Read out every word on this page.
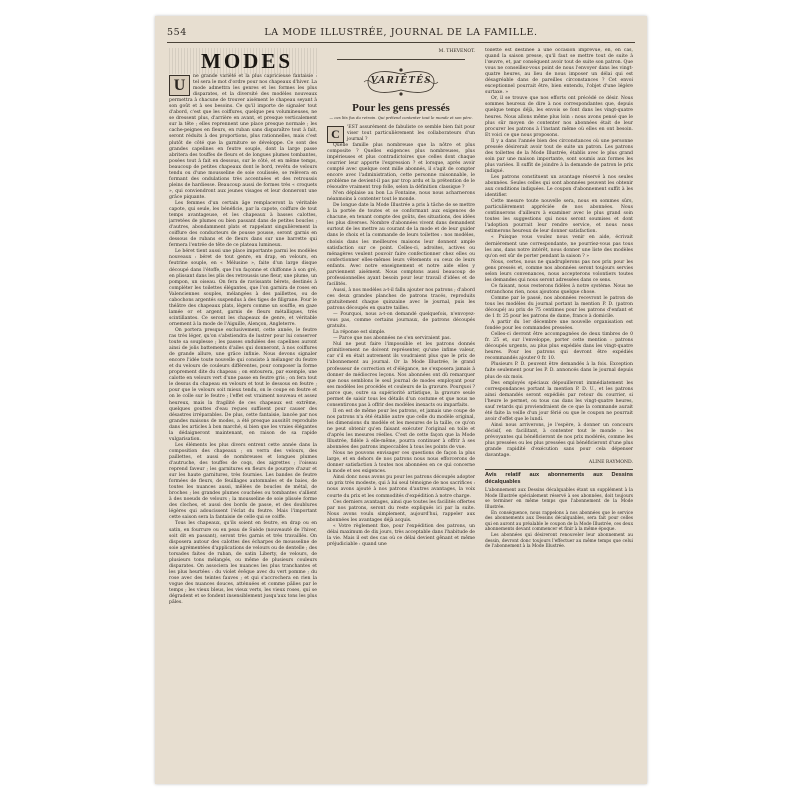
554	LA MODE ILLUSTRÉE, JOURNAL DE LA FAMILLE.
MODES
U

ne grande variété et la plus capricieuse fantaisie : tel sera le mot d'ordre pour nos chapeaux d'hiver. La mode admettra les genres et les formes les plus disparates, et la diversité des modèles nouveaux permettra à chacune de trouver aisément le chapeau seyant à son goût et à ses besoins. Ce qu'il importe de signaler tout d'abord, c'est que les coiffures, quelque peu volumineuses, ne se dressent plus, d'arrière en avant, et presque verticalement sur la tête ; elles reprennent une place presque normale ; les cache-peignes en fleurs, en ruban sans disparaître tout à fait, seront réduits à des proportions, plus rationnelles, mais c'est plutôt de côté que la garniture se développe. Ce sont des grandes capelines en feutre souple, dont la large passe abritera des touffes de fleurs et de longues plumes tombantes, posées tout à fait en dessous, sur le côté, et en même temps, beaucoup de petites chapeaux dont le bord, revêtu de velours tendu ou d'une mousseline de soie coulissée, se relèvera en formant des ondulations très accentuées et des retroussis pleins de hardiesse. Beaucoup aussi de formes très « croquets », qui conviendront aux jeunes visages et leur donneront une grâce piquante.

Les femmes d'un certain âge remplaceront la véritable capote, qui seule, les bénéficie, par la capote, coiffure de tout temps avantageuse, et les chapeaux à basses calottes, jarretées de plumes ou bien passant dans de petites boucles ; d'autres, abondamment plats et rappelant singulièrement la coiffure des conducteurs de pousse pousse, seront garnis en dessous de rubans et de fleurs dans sur une barrette qui fermera l'entrée de tête de ce plateau lumineux.

Le béret tient aussi une place importante parmi les modèles nouveaux : béret de tout genre, en drap, en velours, en feutrine souple, en « Mélusine », faite d'un large disque découpé dans l'étoffe, que l'on façonne et chiffonne à son gré, en plissant dans les plis des retroussis une fleur, une plume, un pompon, un oiseau. On fera de ravissants bérets, destinés à compléter les toilettes élégantes, que l'on garnira de roses en Valenciennes souples, mélangées à des paillettes, ou de cabochons argentés suspendus à des tiges de filigrane. Pour le théâtre des chapeaux plats, légers comme un souffle, en gaze lamée or et argent, garnis de fleurs métalliques, très scintillantes. Ce seront les chapeaux de genre, et véritable ornement à la mode de l'Aiguille, Alençon, Angleterre.

On portera presque exclusivement, cette année, le feutre ras très léger, qu'on s'abstiendra de lustrer pour lui conserver toute sa souplesse ; les passes ondulées des capelines auront ainsi de jolis battements d'ailes qui donneront, à nos coiffures de grande allure, une grâce infinie. Nous devons signaler encore l'idée toute nouvelle qui consiste à mélanger du feutre et du velours de couleurs différentes, pour composer la forme proprement dite du chapeau ; on entourera, par exemple, une calotte en velours vert d'une passe en feutre gris ; on fera tout le dessus du chapeau en velours et tout le dessous en feutre ; pour que le velours soit mieux tendu, on le coupe en feutre et on le colle sur le feutre ; l'effet est vraiment nouveau et assez heureux, mais la fragilité de ces chapeaux est extrême, quelques gouttes d'eau reçues suffisent pour causer des désastres irréparables. De plus, cette fantaisie, lancée par nos grandes maisons de modes, a été presque aussitôt reproduite dans les articles à bon marché, si bien que les vraies élégantes la dédaigneront maintenant, en raison de sa rapide vulgarisation.

Les éléments les plus divers entrent cette année dans la composition des chapeaux ; on verra des velours, des paillettes, et aussi de nombreuses et longues plumes d'autruche, des touffes de coqs, des aigrettes ; l'oiseau reprend faveur ; les garnitures en fleurs de pourpre d'azur et sur les haute garnitures, très fournies. Les bandes de feutre formées de fleurs, de feuillages automnales et de baies, de toutes les nuances aussi, mêlées de boucles de métal, de broches ; les grandes plumes couchées ou tombantes s'allient à des noeuds de velours ; la mousseline de soie plissée forme des cloches, et aussi des bords de passe, et des doublures légères qui adoucissent l'éclat du feutre. Mais l'important cette saison sera la fantaisie de celle qui se coiffe.

Tous les chapeaux, qu'ils soient en feutre, en drap ou en satin, en fourrure ou en peau de Suède (nouveauté de l'hiver, soit dit en passant), seront très garnis et très travaillés. On disposera autour des calottes des écharpes de mousseline de soie agrémentées d'applications de velours ou de dentelle ; des torsades faites de ruban, de satin Liberty, de velours, de plusieurs tons mélangés, ou même de plusieurs couleurs disparates. On associera les nuances les plus tranchantes et les plus heurtées : du violet évêque avec du vert pomme ; du rose avec des teintes fauves ; et qui s'accrochera en rien la vogue des nuances douces, atténuées et comme pâlies par le temps ; les vieux bleus, les vieux verts, les vieux roses, qui se dégradent et se fondent insensiblement jusqu'aux tons les plus pâles.

M. THEVENOT.
VARIÉTÉS
Pour les gens pressés
— ces lits fus du retrain. Qui prétend contenter tout le monde et son père.
C	'EST assurément de fabuliste ce semble bien fait pour viser tout particulièrement les collaborateurs d'un journal ?

Quelle famille plus nombreuse que la nôtre et plus composite ? Quelles exigences plus nombreuses, plus impérieuses et plus contradictoires que celles dont chaque courrier leur apporte l'expression ? et lorsque, après avoir compté avec quelque cent mille abonnés, il s'agit de compter encore avec l'administration, cette personne raisonnable, le problème ne devient-il pas par trop ardu et la prétention de le résoudre vraiment trop folle, selon la définition classique ?

N'en déplaise au bon La Fontaine, nous nous acharnerons néanmoins à contenter tout le monde.

De longue date la Mode Illustrée a pris à tâche de se mettre à la portée de toutes et se conformant aux exigences de chacune, en tenant compte des goûts, des situations, des idées les plus diverses. Nombre d'abonnées vivent dans demandent surtout de les mettre au courant de la mode et de leur guider dans le choix et la commande de leurs toilettes : nos modèles, choisis dans les meilleures maisons leur donnent ample satisfaction sur ce point. Celles-ci, adroites, actives ou ménagères veulent pouvoir faire confectionner chez elles ou confectionner elles-mêmes leurs vêtements ou ceux de leurs enfants. Avec notre enseignement et notre aide elles y parviennent aisément. Nous comptons aussi beaucoup de professionnelles ayant besoin pour leur travail d'idées et de facilités.

Aussi, à nos modèles a-t-il fallu ajouter nos patrons ; d'abord ces deux grandes planches de patrons tracés, reproduits gratuitement chaque quinzaine avec le journal, puis les patrons découpés en quatre tailles.

— Pourquoi, nous a-t-on demandé quelquefois, n'envoyez-vous pas, comme certains journaux, de patrons découpés gratuits.

La réponse est simple.

— Parce que nos abonnées ne s'en serviraient pas.

Nul ne peut faire l'impossible et les patrons donnés primitivement ne doivent représenter, qu'une infime valeur, car s'il en était autrement ils voudraient plus que le prix de l'abonnement au journal. Or la Mode Illustrée, le grand professeur de correction et d'élégance, ne s'exposera jamais à donner de médiocres leçons. Nos abonnées ont dû remarquer que nous semblons le seul journal de modes employant pour ses modèles les procédés et couleurs de la gravure. Pourquoi ? parce que, outre sa supériorité artistique, la gravure seule permet de saisir tous les détails d'un costume et que nous ne consentirons pas à offrir des modèles inexacts ou imparfaits.

Il en est de même pour les patrons, et jamais une coupe de nos patrons n'a été établie autre que celle du modèle original, les dimensions du modèle et les mesures de la taille, ce qu'on ne peut obtenir qu'en faisant exécuter l'original en toile et d'après les mesures réelles. C'est de cette façon que la Mode Illustrée, fidèle à elle-même, pourra continuer à offrir à ses abonnées des patrons impeccables à tous les points de vue.

Nous ne pouvons envisager ces questions de façon la plus large, et en dehors de nos patrons nous nous efforcerons de donner satisfaction à toutes nos abonnées en ce qui concerne la mode et ses exigences.

Ainsi donc nous avons pu pour les patrons découpés adopter un prix très modeste, qui à lui seul témoigne de nos sacrifices : nous avons ajouté à nos patrons d'autres avantages, la voix courte du prix et les commodités d'expédition à notre charge.

Ces derniers avantages, ainsi que toutes les facilités offertes par nos patrons, seront du reste expliqués ici par la suite. Nous avons voulu simplement, aujourd'hui, rappeler aux abonnées les avantages déjà acquis.

« Votre règlement fixe, pour l'expédition des patrons, un délai maximum de dix jours, très acceptable dans l'habitude de la vie. Mais il est des cas où ce délai devient gênant et même préjudiciable : quand une

toilette est destinée à une occasion imprévue, en, en cas, quand la saison presse, qu'il faut se mettre tout de suite à l'œuvre, et, par conséquent avoir tout de suite son patron. Que vous ne conseillez-vous point de nous l'envoyer dans les vingt-quatre heures, au lieu de nous imposer un délai qui est désagréable dans de pareilles circonstances ? Cet envoi exceptionnel pourrait être, bien entendu, l'objet d'une légère surtaxe. »

Or, il se trouve que nos efforts ont précédé ce désir. Nous sommes heureux de dire à nos correspondantes que, depuis quelque temps déjà, les envois se font dans les vingt-quatre heures. Nous allons même plus loin : nous avons pensé que le plus sûr moyen de contenter nos abonnées était de leur procurer les patrons à l'instant même où elles en ont besoin. Et voici ce que nous proposons.

Il y a dans l'année bien des circonstances où une personne pressée désirerait avoir tout de suite un patron. Les patrons des toilettes de la Mode Illustrée, établis avec le plus grand soin par une maison importante, sont soumis aux formes les plus variées. Il suffit de joindre à la demande de patron le prix indiqué.

Les patrons constituent un avantage réservé à nos seules abonnées. Seules celles qui sont abonnées peuvent les obtenir aux conditions indiquées. Le coupon d'abonnement suffit à les identifier.

Cette mesure toute nouvelle sera, nous en sommes sûrs, particulièrement appréciée de nos abonnées. Nous continuerons d'ailleurs à examiner avec le plus grand soin toutes les suggestions qui nous seront soumises et dont l'adoption pourrait leur rendre service, et nous nous estimerons heureux de leur donner satisfaction.

« Puisque vous voulez nous venir en aide, écrivait dernièrement une correspondante, ne pourriez-vous pas tous les ans, dans notre intérêt, nous donner une liste des modèles qu'on est sûr de porter pendant la saison ? »

Nous, certes, nous ne quadruplerons pas nos prix pour les gens pressés et, comme nos abonnées seront toujours servies selon leurs convenances, nous accepterons volontiers toutes les demandes qui nous seront adressées dans ce sens.

Ce faisant, nous resterons fidèles à notre système. Nous ne retranchons rien, nous ajoutons quelque chose.

Comme par le passé, nos abonnées recevront le patron de tous les modèles du journal portant la mention P. D. (patron découpé) au prix de 75 centimes pour les patrons d'enfant et de 1 fr. 25 pour les patrons de dame, franco à domicile.

A partir du 1er décembre une nouvelle organisation est fondée pour les commandes pressées.

Celles-ci devront être accompagnées de deux timbres de 0 fr. 25 et, sur l'enveloppe, porter cette mention : patrons découpés urgents, au plus plus expédiés dans les vingt-quatre heures. Pour les patrons qui devront être expédiés recommandés ajouter 0 fr. 10.

Plusieurs P. D. peuvent être demandés à la fois. Exception faite seulement pour les P. D. annoncés dans le journal depuis plus de six mois.

Des employés spéciaux dépouilleront immédiatement les correspondances portant la mention P. D. U., et les patrons ainsi demandés seront expédiés par retour du courrier, si l'heure le permet, ou tous cas dans les vingt-quatre heures, sauf retards qui proviendraient de ce que la commande aurait été faite la veille d'un jour férié ou que le coupon ne pourrait avoir d'effet que le lundi.

Ainsi nous arriverons, je l'espère, à donner un concours décisif, en facilitant, à contenter tout le monde : les prévoyantes qui bénéficieront de nos prix modérés, comme les plus pressées ou les plus pressées qui bénéficieront d'une plus grande rapidité d'exécution sans pour cela dépenser davantage.

ALINE RAYMOND.
Avis relatif aux abonnements aux Dessins décalquables

L'abonnement aux Dessins décalquables étant un supplément à la Mode Illustrée spécialement réservé à ses abonnées, doit toujours se terminer en même temps que l'abonnement de la Mode Illustrée.

En conséquence, nous rappelons à nos abonnées que le service des abonnements aux Dessins décalquables, sera fait pour celles qui en auront au préalable le coupon de la Mode Illustrée, ces deux abonnements devant commencer et finir à la même époque.

Les abonnées qui désireront renouveler leur abonnement au dessin, devront donc toujours l'effectuer au même temps que celui de l'abonnement à la Mode Illustrée.
